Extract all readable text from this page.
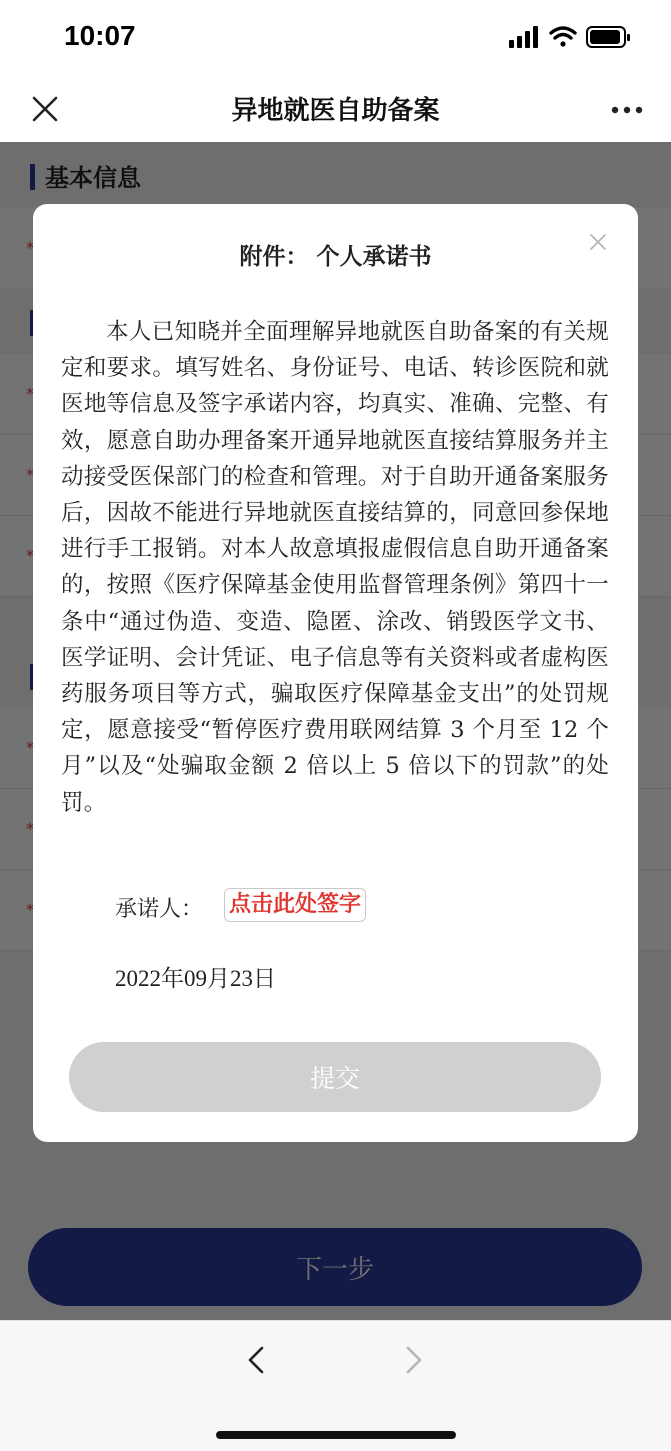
10:07
异地就医自助备案
附件： 个人承诺书
本人已知晓并全面理解异地就医自助备案的有关规定和要求。填写姓名、身份证号、电话、转诊医院和就医地等信息及签字承诺内容，均真实、准确、完整、有效，愿意自助办理备案开通异地就医直接结算服务并主动接受医保部门的检查和管理。对于自助开通备案服务后，因故不能进行异地就医直接结算的，同意回参保地进行手工报销。对本人故意填报虚假信息自助开通备案的，按照《医疗保障基金使用监督管理条例》第四十一条中“通过伪造、变造、隐匿、涂改、销毁医学文书、医学证明、会计凭证、电子信息等有关资料或者虚构医药服务项目等方式，骗取医疗保障基金支出”的处罚规定，愿意接受“暂停医疗费用联网结算 3 个月至 12 个月”以及“处骗取金额 2 倍以上 5 倍以下的罚款”的处罚。
承诺人： 点击此处签字
2022年09月23日
提交
